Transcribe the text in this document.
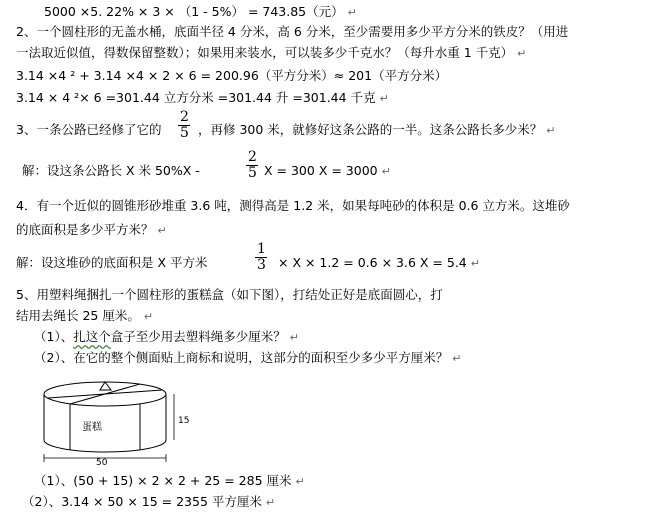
5000 ×5. 22% × 3 × （1 - 5%） = 743.85（元） ↵
2、一个圆柱形的无盖水桶，底面半径 4 分米，高 6 分米，至少需要用多少平方分米的铁皮？（用进
一法取近似值，得数保留整数）；如果用来装水，可以装多少千克水？（每升水重 1 千克） ↵
3.14 ×4 ² + 3.14 ×4 × 2 × 6 = 200.96（平方分米）≈ 201（平方分米）
3.14 × 4 ²× 6 =301.44 立方分米 =301.44 升 =301.44 千克 ↵
3、一条公路已经修了它的
2
5 ，再修 300 米，就修好这条公路的一半。这条公路长多少米？ ↵
解：设这条公路长 X 米 50%X -
2
5 X = 300 X = 3000 ↵
4．有一个近似的圆锥形砂堆重 3.6 吨，测得高是 1.2 米，如果每吨砂的体积是 0.6 立方米。这堆砂
的底面积是多少平方米？ ↵
解：设这堆砂的底面积是 X 平方米
1
3 × X × 1.2 = 0.6 × 3.6 X = 5.4 ↵
5、用塑料绳捆扎一个圆柱形的蛋糕盒（如下图），打结处正好是底面圆心，打
结用去绳长 25 厘米。 ↵
（1）、扎这个盒子至少用去塑料绳多少厘米？ ↵
（2）、在它的整个侧面贴上商标和说明，这部分的面积至少多少平方厘米？ ↵
蛋糕
15
50
（1）、(50 + 15) × 2 × 2 + 25 = 285 厘米 ↵
（2）、3.14 × 50 × 15 = 2355 平方厘米 ↵
